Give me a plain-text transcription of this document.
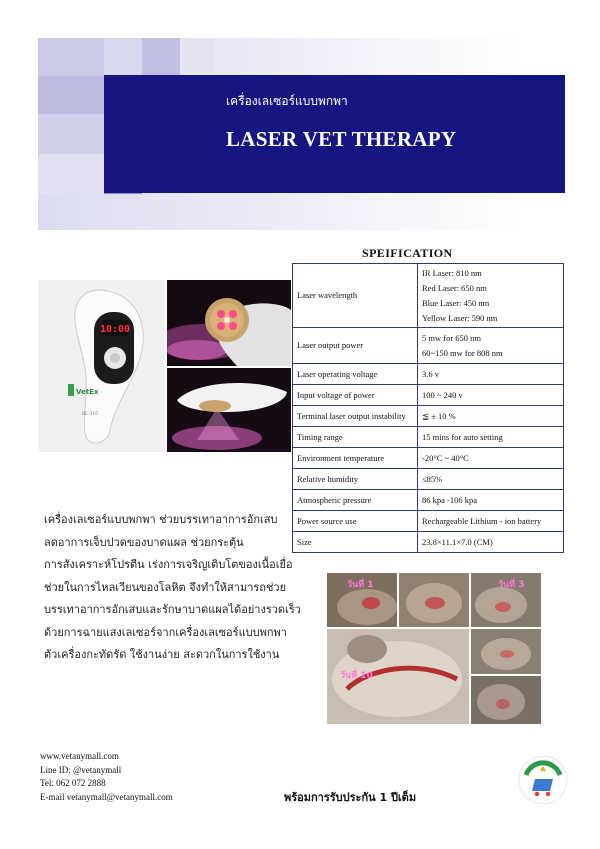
เครื่องเลเซอร์แบบพกพา
LASER VET THERAPY
10:00
VetEx
BE-310
SPEIFICATION
Laser wavelength	IR Laser: 810 nm
Red Laser: 650 nm
Blue Laser: 450 nm
Yellow Laser: 590 nm

Laser output power	5 mw for 650 nm
60~150 mw for 808 nm

Laser operating voltage	3.6 v
Input voltage of power	100 ~ 240 v
Terminal laser output instability	≦ ± 10 %
Timing range	15 mins for auto setting
Environment temperature	-20°C ~ 40°C
Relative humidity	≤85%
Atmospheric pressure	86 kpa -106 kpa
Power source use	Rechargeable Lithium - ion battery
Size	23.8×11.1×7.0 (CM)
เครื่องเลเซอร์แบบพกพา ช่วยบรรเทาอาการอักเสบ
ลดอาการเจ็บปวดของบาดแผล ช่วยกระตุ้น
การสังเคราะห์โปรตีน เร่งการเจริญเติบโตของเนื้อเยื่อ
ช่วยในการไหลเวียนของโลหิต จึงทำให้สามารถช่วย
บรรเทาอาการอักเสบและรักษาบาดแผลได้อย่างรวดเร็ว
ด้วยการฉายแสงเลเซอร์จากเครื่องเลเซอร์แบบพกพา
ตัวเครื่องกะทัดรัด ใช้งานง่าย สะดวกในการใช้งาน
วันที่ 1	วันที่ 3
วันที่ 10
www.vetanymall.com
Line ID: @vetanymall
Tel: 062 072 2888
E-mail vetanymall@vetanymall.com	พร้อมการรับประกัน 1 ปีเต็ม
